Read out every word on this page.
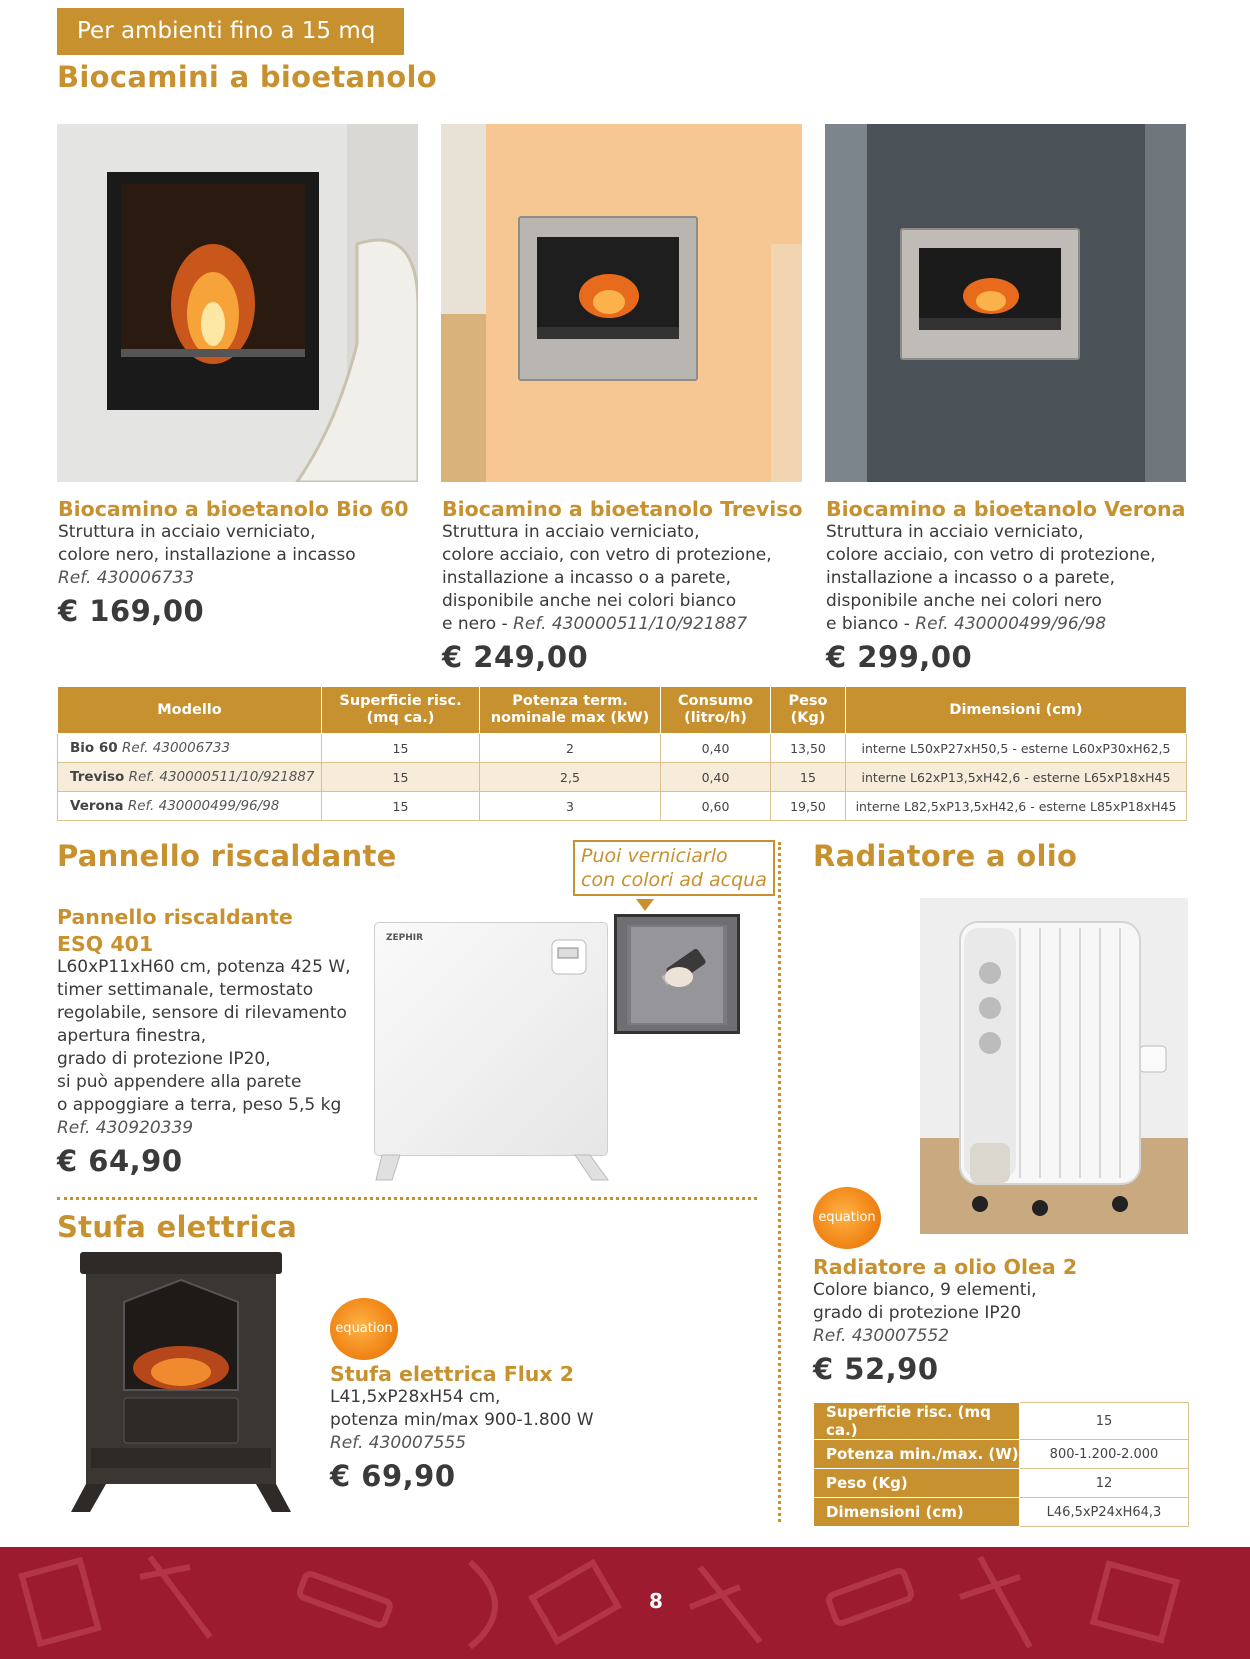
Per ambienti fino a 15 mq
Biocamini a bioetanolo
Biocamino a bioetanolo Bio 60
Struttura in acciaio verniciato,
colore nero, installazione a incasso
Ref. 430006733
€ 169,00
Biocamino a bioetanolo Treviso
Struttura in acciaio verniciato,
colore acciaio, con vetro di protezione,
installazione a incasso o a parete,
disponibile anche nei colori bianco
e nero - Ref. 430000511/10/921887
€ 249,00
Biocamino a bioetanolo Verona
Struttura in acciaio verniciato,
colore acciaio, con vetro di protezione,
installazione a incasso o a parete,
disponibile anche nei colori nero
e bianco - Ref. 430000499/96/98
€ 299,00
Modello	Superficie risc. (mq ca.)	Potenza term. nominale max (kW)	Consumo (litro/h)	Peso (Kg)	Dimensioni (cm)
Bio 60 Ref. 430006733	15	2	0,40	13,50	interne L50xP27xH50,5 - esterne L60xP30xH62,5
Treviso Ref. 430000511/10/921887	15	2,5	0,40	15	interne L62xP13,5xH42,6 - esterne L65xP18xH45
Verona Ref. 430000499/96/98	15	3	0,60	19,50	interne L82,5xP13,5xH42,6 - esterne L85xP18xH45
Pannello riscaldante
Pannello riscaldante
ESQ 401
L60xP11xH60 cm, potenza 425 W,
timer settimanale, termostato
regolabile, sensore di rilevamento
apertura finestra,
grado di protezione IP20,
si può appendere alla parete
o appoggiare a terra, peso 5,5 kg
Ref. 430920339
€ 64,90
ZEPHIR
Puoi verniciarlo
con colori ad acqua
Stufa elettrica
equation
Stufa elettrica Flux 2
L41,5xP28xH54 cm,
potenza min/max 900-1.800 W
Ref. 430007555
€ 69,90
Radiatore a olio
equation
Radiatore a olio Olea 2
Colore bianco, 9 elementi,
grado di protezione IP20
Ref. 430007552
€ 52,90
Superficie risc. (mq ca.)	15
Potenza min./max. (W)	800-1.200-2.000
Peso (Kg)	12
Dimensioni (cm)	L46,5xP24xH64,3
8
